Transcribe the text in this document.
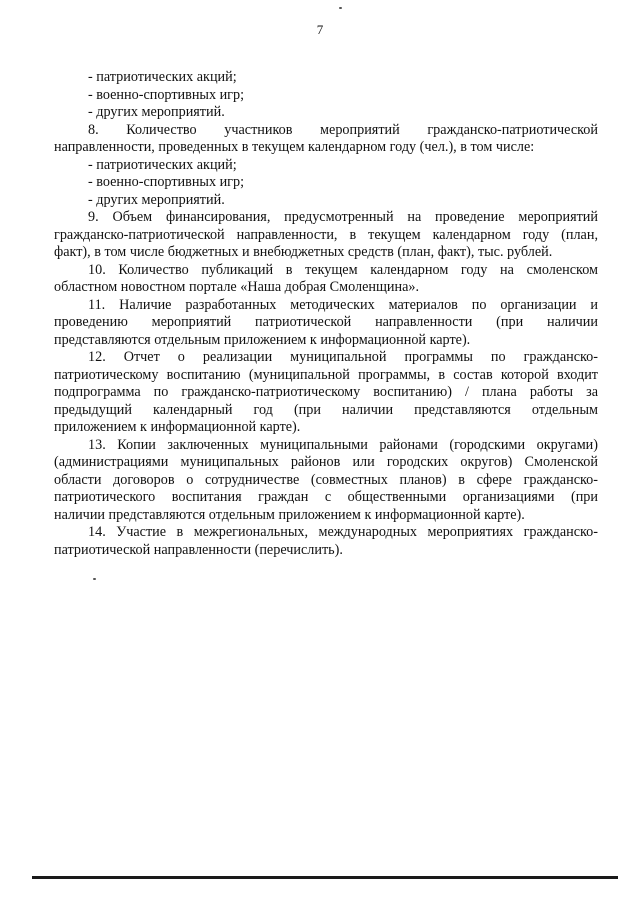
7
- патриотических акций;
- военно-спортивных игр;
- других мероприятий.
8. Количество участников мероприятий гражданско-патриотической
направленности, проведенных в текущем календарном году (чел.), в том числе:
- патриотических акций;
- военно-спортивных игр;
- других мероприятий.
9. Объем финансирования, предусмотренный на проведение мероприятий
гражданско-патриотической направленности, в текущем календарном году (план,
факт), в том числе бюджетных и внебюджетных средств (план, факт), тыс. рублей.
10. Количество публикаций в текущем календарном году на смоленском
областном новостном портале «Наша добрая Смоленщина».
11. Наличие разработанных методических материалов по организации и
проведению мероприятий патриотической направленности (при наличии
представляются отдельным приложением к информационной карте).
12. Отчет о реализации муниципальной программы по гражданско-
патриотическому воспитанию (муниципальной программы, в состав которой входит
подпрограмма по гражданско-патриотическому воспитанию) / плана работы за
предыдущий календарный год (при наличии представляются отдельным
приложением к информационной карте).
13. Копии заключенных муниципальными районами (городскими округами)
(администрациями муниципальных районов или городских округов) Смоленской
области договоров о сотрудничестве (совместных планов) в сфере гражданско-
патриотического воспитания граждан с общественными организациями (при
наличии представляются отдельным приложением к информационной карте).
14. Участие в межрегиональных, международных мероприятиях гражданско-
патриотической направленности (перечислить).
